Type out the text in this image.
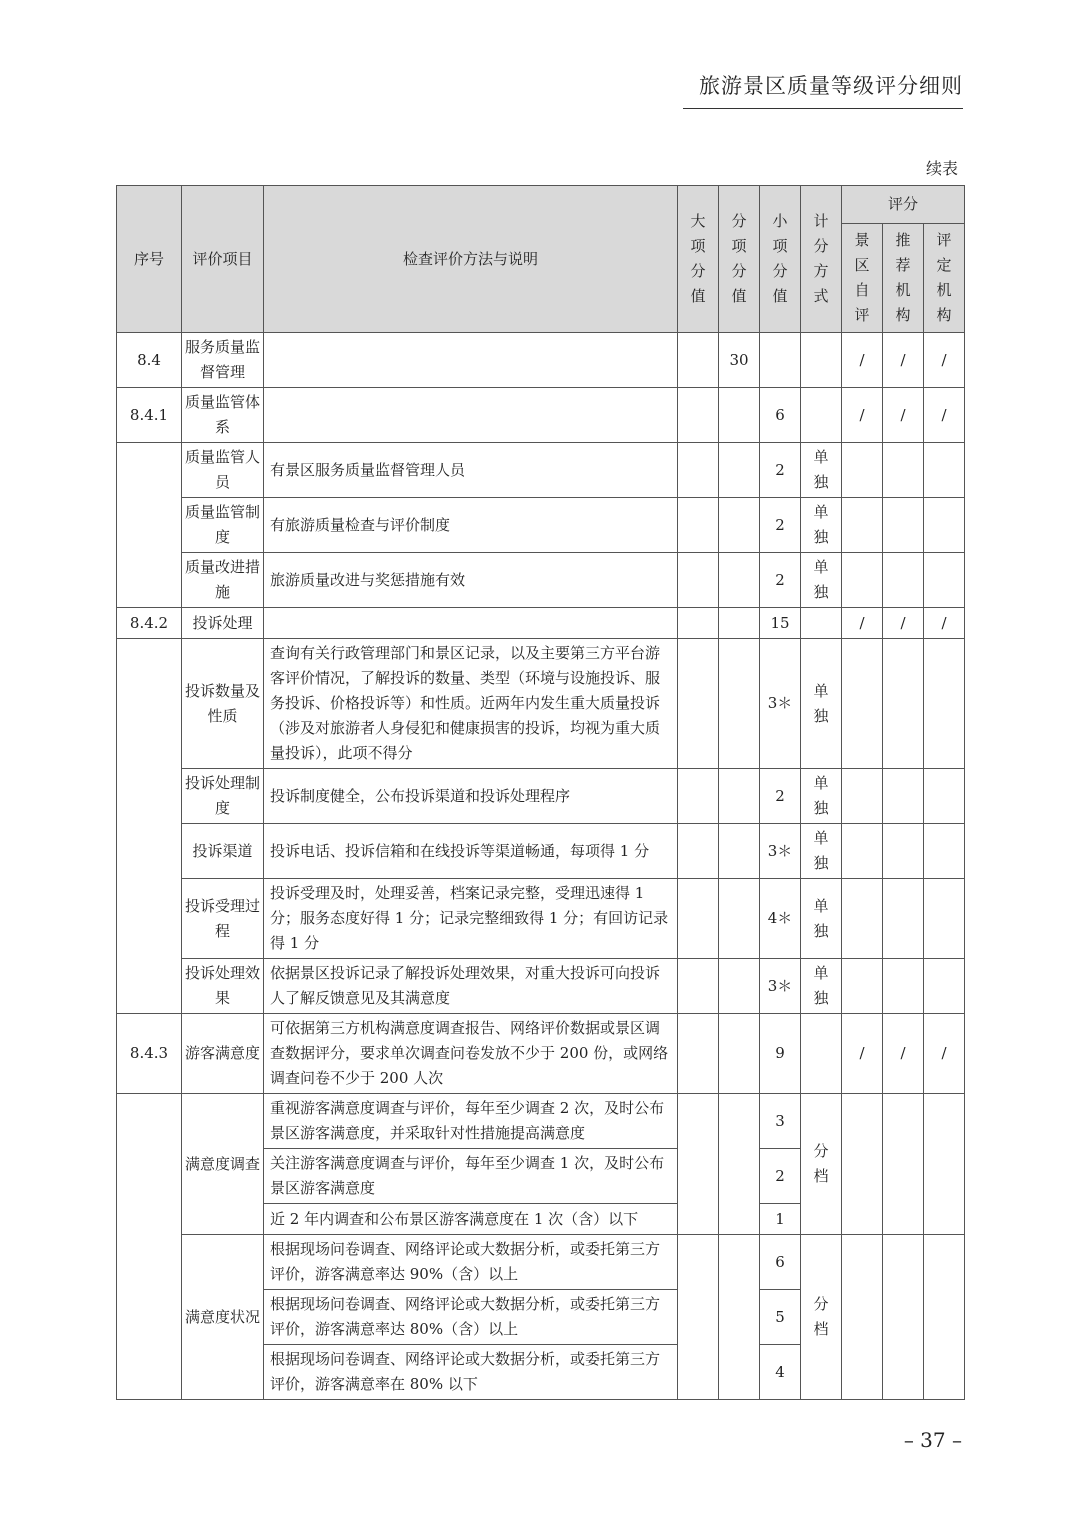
旅游景区质量等级评分细则
续表
序号	评价项目	检查评价方法与说明	大项分值	分项分值	小项分值	计分方式	评分		

							景区自评	推荐机构	评定机构

8.4	服务质量监督管理			30			/	/	/
8.4.1	质量监管体系				6		/	/	/
	质量监管人员	有景区服务质量监督管理人员			2	单独			

	质量监管制度	有旅游质量检查与评价制度			2	单独			

	质量改进措施	旅游质量改进与奖惩措施有效			2	单独			

8.4.2	投诉处理				15		/	/	/
	投诉数量及性质	查询有关行政管理部门和景区记录，以及主要第三方平台游客评价情况，了解投诉的数量、类型（环境与设施投诉、服务投诉、价格投诉等）和性质。近两年内发生重大质量投诉（涉及对旅游者人身侵犯和健康损害的投诉，均视为重大质量投诉），此项不得分			3＊	单独			

	投诉处理制度	投诉制度健全，公布投诉渠道和投诉处理程序			2	单独			

	投诉渠道	投诉电话、投诉信箱和在线投诉等渠道畅通，每项得 1 分			3＊	单独			

	投诉受理过程	投诉受理及时，处理妥善，档案记录完整，受理迅速得 1 分；服务态度好得 1 分；记录完整细致得 1 分；有回访记录得 1 分			4＊	单独			

	投诉处理效果	依据景区投诉记录了解投诉处理效果，对重大投诉可向投诉人了解反馈意见及其满意度			3＊	单独			

8.4.3	游客满意度	可依据第三方机构满意度调查报告、网络评价数据或景区调查数据评分，要求单次调查问卷发放不少于 200 份，或网络调查问卷不少于 200 人次			9		/	/	/
	满意度调查	重视游客满意度调查与评价，每年至少调查 2 次，及时公布景区游客满意度，并采取针对性措施提高满意度			3	分档			

		关注游客满意度调查与评价，每年至少调查 1 次，及时公布景区游客满意度			2				
		近 2 年内调查和公布景区游客满意度在 1 次（含）以下			1				
	满意度状况	根据现场问卷调查、网络评论或大数据分析，或委托第三方评价，游客满意率达 90%（含）以上			6	分档			

		根据现场问卷调查、网络评论或大数据分析，或委托第三方评价，游客满意率达 80%（含）以上			5				
		根据现场问卷调查、网络评论或大数据分析，或委托第三方评价，游客满意率在 80% 以下			4				
– 37 –
